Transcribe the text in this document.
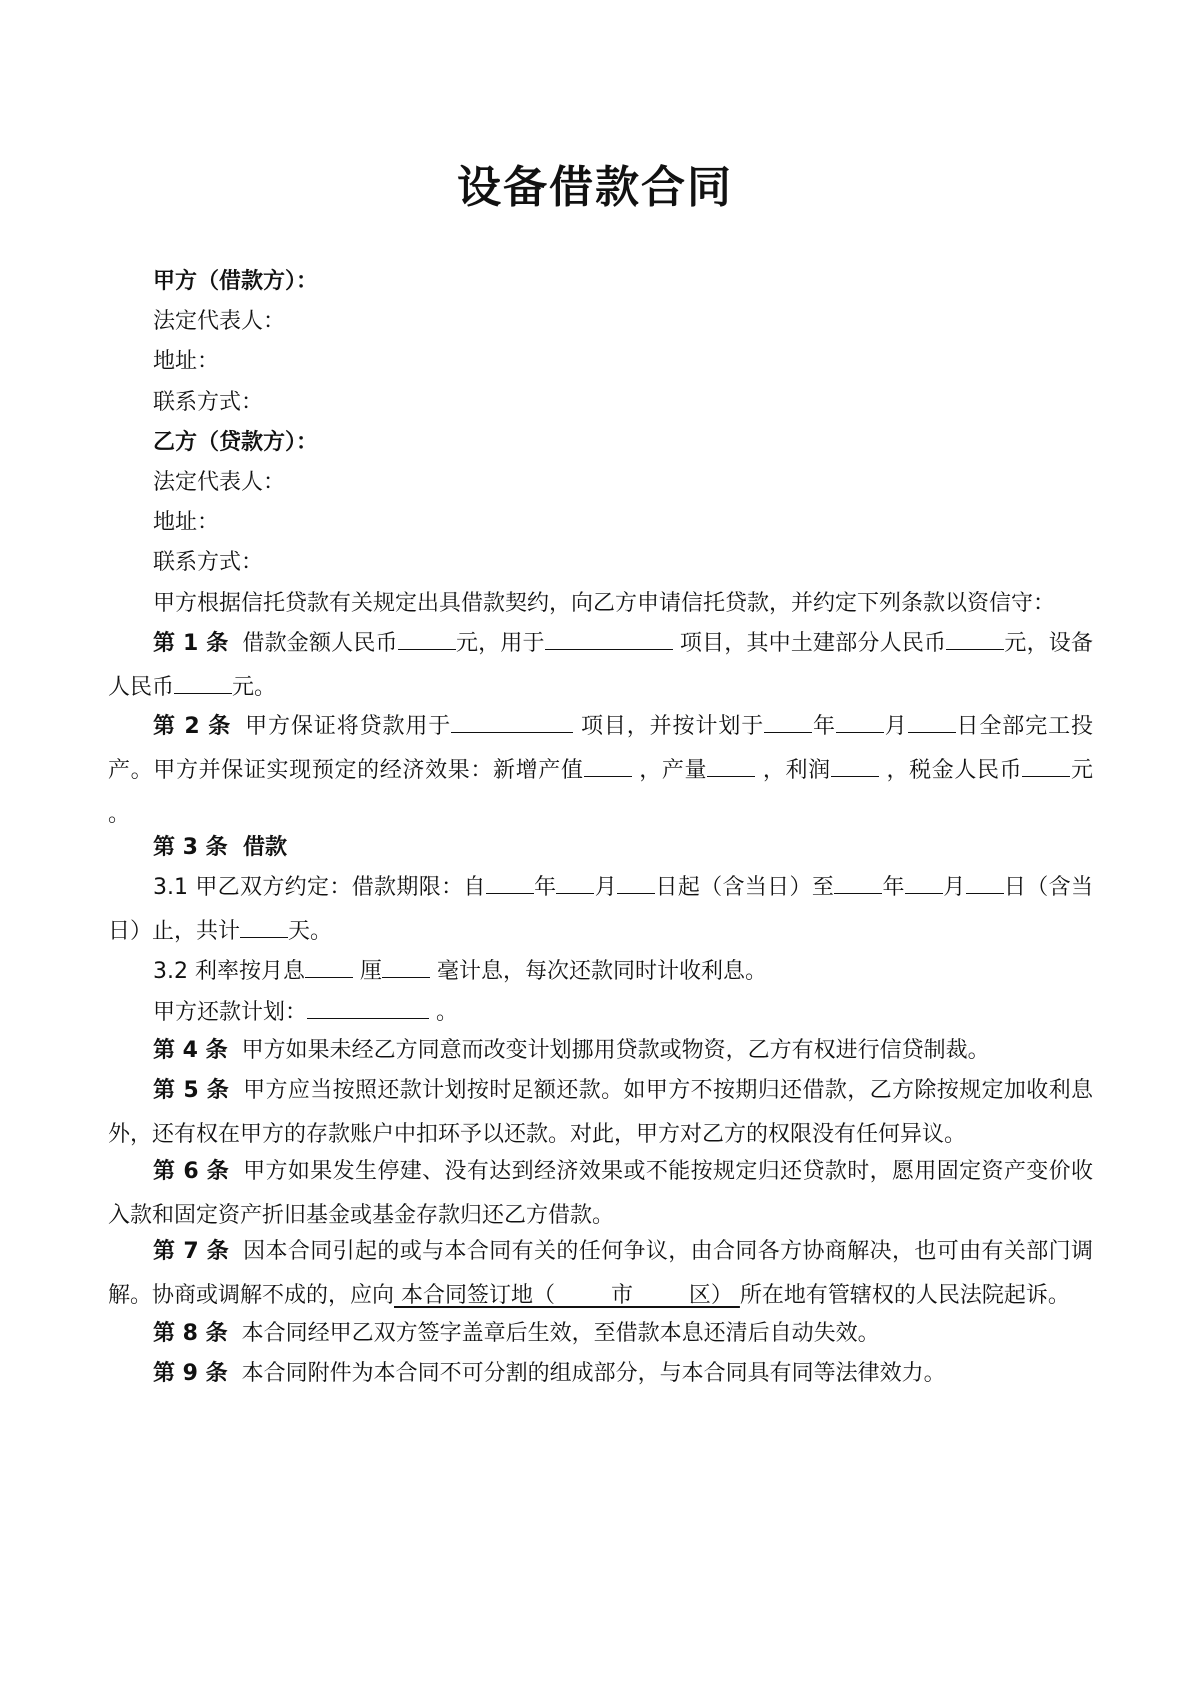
设备借款合同

甲方（借款方）：

法定代表人：

地址：

联系方式：

乙方（贷款方）：

法定代表人：

地址：

联系方式：

甲方根据信托贷款有关规定出具借款契约，向乙方申请信托贷款，并约定下列条款以资信守：

第 1 条 借款金额人民币	元，用于	项目，其中土建部分人民币	元，设备人民币	元。

第 2 条 甲方保证将贷款用于	项目，并按计划于 年 月 日全部完工投产。甲方并保证实现预定的经济效果：新增产值 ，产量 ，利润 ，税金人民币 元 。

第 3 条 借款

3.1 甲乙双方约定：借款期限：自 年 月 日起（含当日）至 年 月 日（含当日）止，共计 天。

3.2 利率按月息 厘 毫计息，每次还款同时计收利息。

甲方还款计划：	。

第 4 条 甲方如果未经乙方同意而改变计划挪用贷款或物资，乙方有权进行信贷制裁。

第 5 条 甲方应当按照还款计划按时足额还款。如甲方不按期归还借款，乙方除按规定加收利息外，还有权在甲方的存款账户中扣环予以还款。对此，甲方对乙方的权限没有任何异议。

第 6 条 甲方如果发生停建、没有达到经济效果或不能按规定归还贷款时，愿用固定资产变价收入款和固定资产折旧基金或基金存款归还乙方借款。

第 7 条 因本合同引起的或与本合同有关的任何争议，由合同各方协商解决，也可由有关部门调解。协商或调解不成的，应向 本合同签订地（        市        区） 所在地有管辖权的人民法院起诉。

第 8 条 本合同经甲乙双方签字盖章后生效，至借款本息还清后自动失效。

第 9 条 本合同附件为本合同不可分割的组成部分，与本合同具有同等法律效力。
